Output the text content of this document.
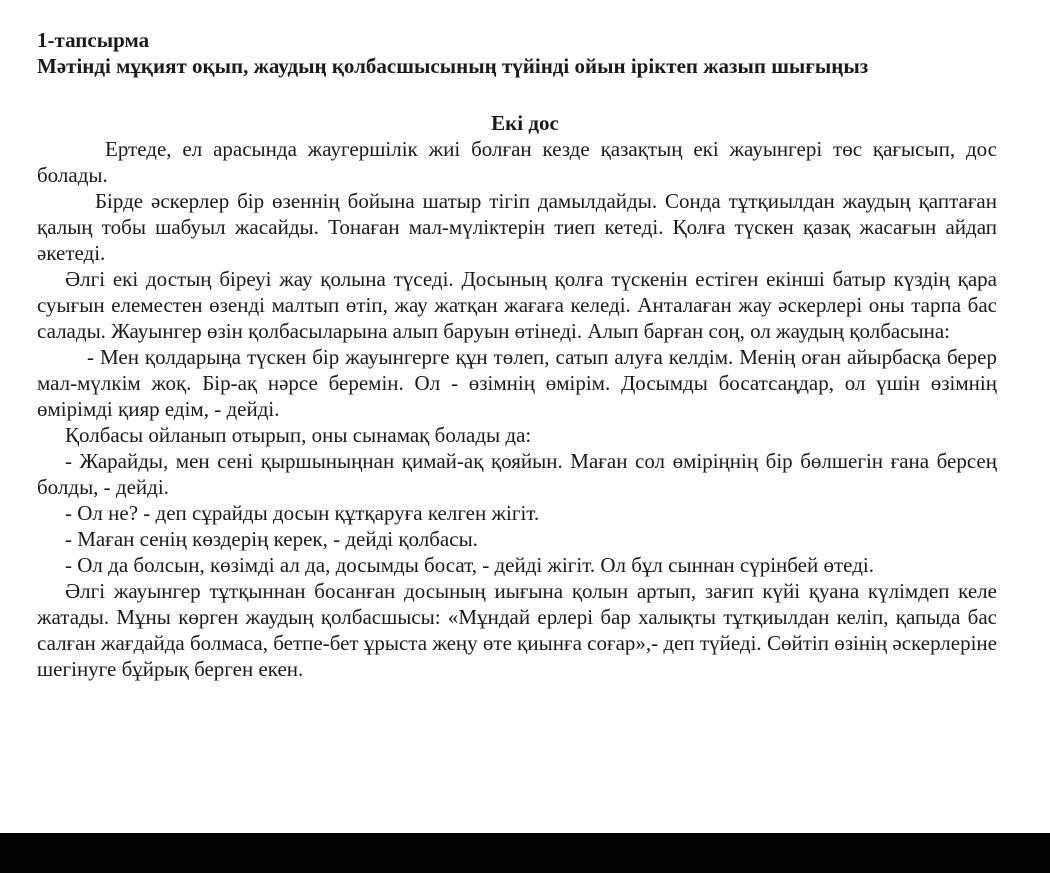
1-тапсырма
Мәтінді мұқият оқып, жаудың қолбасшысының түйінді ойын іріктеп жазып шығыңыз
Екі дос

Ертеде, ел арасында жаугершілік жиі болған кезде қазақтың екі жауынгері төс қағысып, дос болады.

Бірде әскерлер бір өзеннің бойына шатыр тігіп дамылдайды. Сонда тұтқиылдан жаудың қаптаған қалың тобы шабуыл жасайды. Тонаған мал-мүліктерін тиеп кетеді. Қолға түскен қазақ жасағын айдап әкетеді.

Әлгі екі достың біреуі жау қолына түседі. Досының қолға түскенін естіген екінші батыр күздің қара суығын елеместен өзенді малтып өтіп, жау жатқан жағаға келеді. Анталаған жау әскерлері оны тарпа бас салады. Жауынгер өзін қолбасыларына алып баруын өтінеді. Алып барған соң, ол жаудың қолбасына:

- Мен қолдарыңа түскен бір жауынгерге құн төлеп, сатып алуға келдім. Менің оған айырбасқа берер мал-мүлкім жоқ. Бір-ақ нәрсе беремін. Ол - өзімнің өмірім. Досымды босатсаңдар, ол үшін өзімнің өмірімді қияр едім, - дейді.

Қолбасы ойланып отырып, оны сынамақ болады да:

- Жарайды, мен сені қыршыныңнан қимай-ақ қояйын. Маған сол өміріңнің бір бөлшегін ғана берсең болды, - дейді.

- Ол не? - деп сұрайды досын құтқаруға келген жігіт.

- Маған сенің көздерің керек, - дейді қолбасы.

- Ол да болсын, көзімді ал да, досымды босат, - дейді жігіт. Ол бұл сыннан сүрінбей өтеді.

Әлгі жауынгер тұтқыннан босанған досының иығына қолын артып, зағип күйі қуана күлімдеп келе жатады. Мұны көрген жаудың қолбасшысы: «Мұндай ерлері бар халықты тұтқиылдан келіп, қапыда бас салған жағдайда болмаса, бетпе-бет ұрыста жеңу өте қиынға соғар»,- деп түйеді. Сөйтіп өзінің әскерлеріне шегінуге бұйрық берген екен.
